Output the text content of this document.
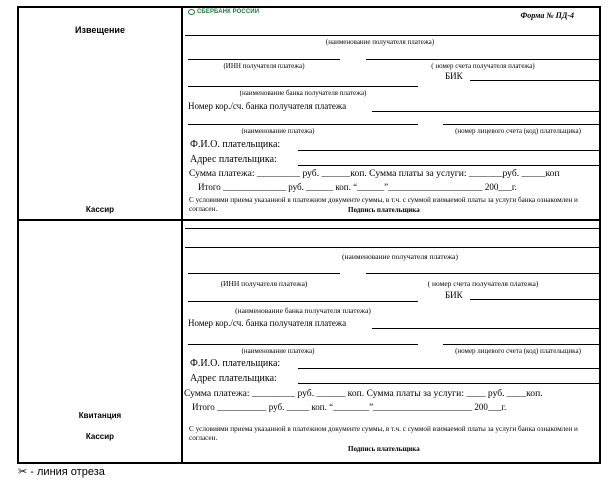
Извещение
Кассир
СБЕРБАНК РОССИИ	Форма № ПД-4
(наименование получателя платежа)
(ИНН получателя платежа)	( номер счета получателя платежа)
БИК
(наименование банка получателя платежа)
Номер кор./сч. банка получателя платежа
(наименование платежа)	(номер лицевого счета (код) плательщика)
Ф.И.О. плательщика:
Адрес плательщика:
Сумма платежа: _________ руб. ______коп. Сумма платы за услуги: _______руб. _____коп
Итого ______________ руб. ______ коп. “______”_____________________ 200___г.
С условиями приема указанной в платежном документе суммы, в т.ч. с суммой взимаемой платы за услуги банка ознакомлен и согласен.	Подпись плательщика
Квитанция
Кассир
(наименование получателя платежа)
(ИНН получателя платежа)	( номер счета получателя платежа)
БИК
(наименование банка получателя платежа)
Номер кор./сч. банка получателя платежа
(наименование платежа)	(номер лицевого счета (код) плательщика)
Ф.И.О. плательщика:
Адрес плательщика:
Сумма платежа: _________ руб. ______ коп. Сумма платы за услуги: ____ руб. ____коп.
Итого ___________ руб. _____ коп. “________”______________________ 200___г.
С условиями приема указанной в платежном документе суммы, в т.ч. с суммой взимаемой платы за услуги банка ознакомлен и согласен.
Подпись плательщика
✂ - линия отреза
